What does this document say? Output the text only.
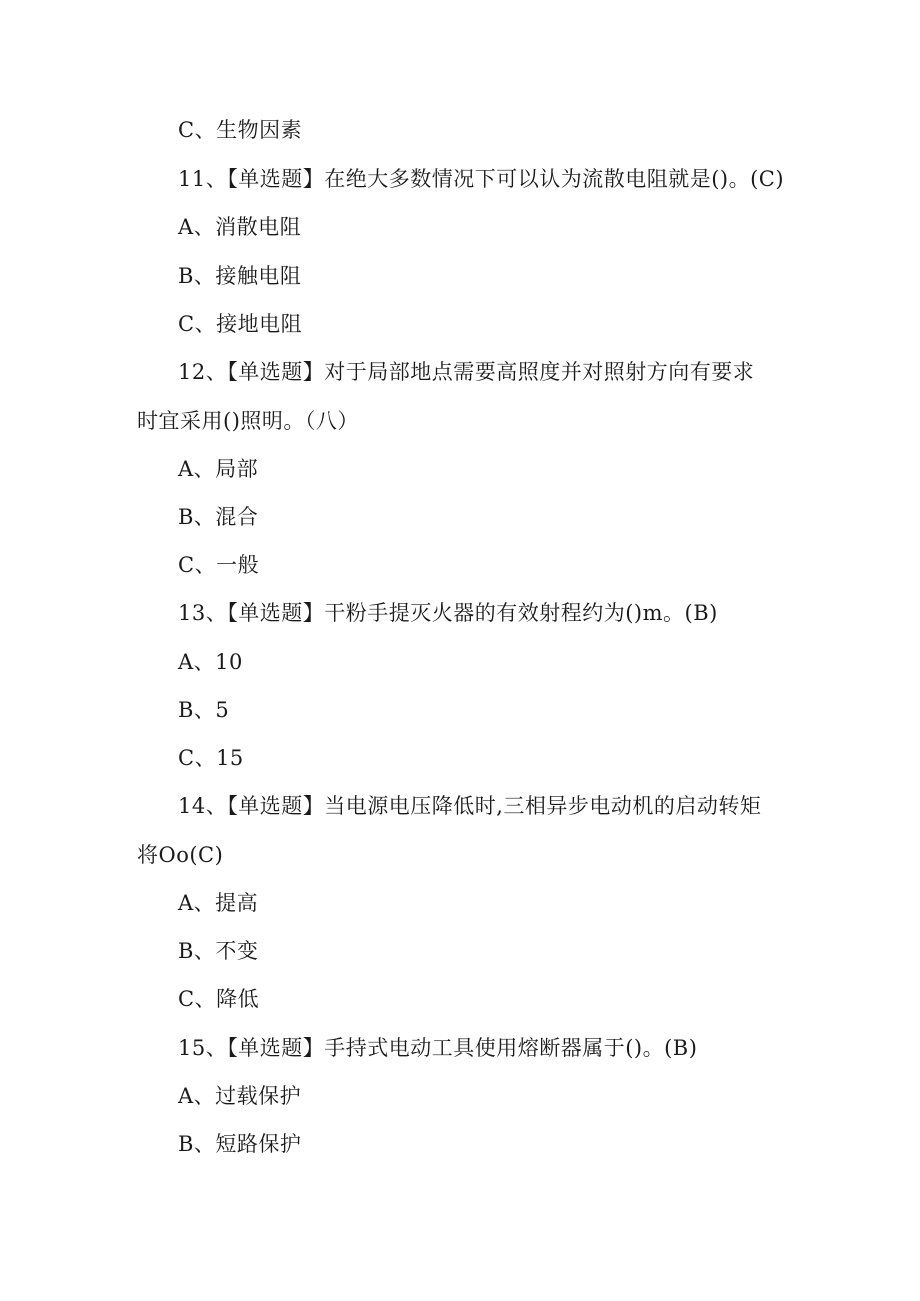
C、生物因素
11、【单选题】在绝大多数情况下可以认为流散电阻就是()。(C)
A、消散电阻
B、接触电阻
C、接地电阻
12、【单选题】对于局部地点需要高照度并对照射方向有要求
时宜采用()照明。（八）
A、局部
B、混合
C、一般
13、【单选题】干粉手提灭火器的有效射程约为()m。(B)
A、10
B、5
C、15
14、【单选题】当电源电压降低时,三相异步电动机的启动转矩
将Oo(C)
A、提高
B、不变
C、降低
15、【单选题】手持式电动工具使用熔断器属于()。(B)
A、过载保护
B、短路保护
